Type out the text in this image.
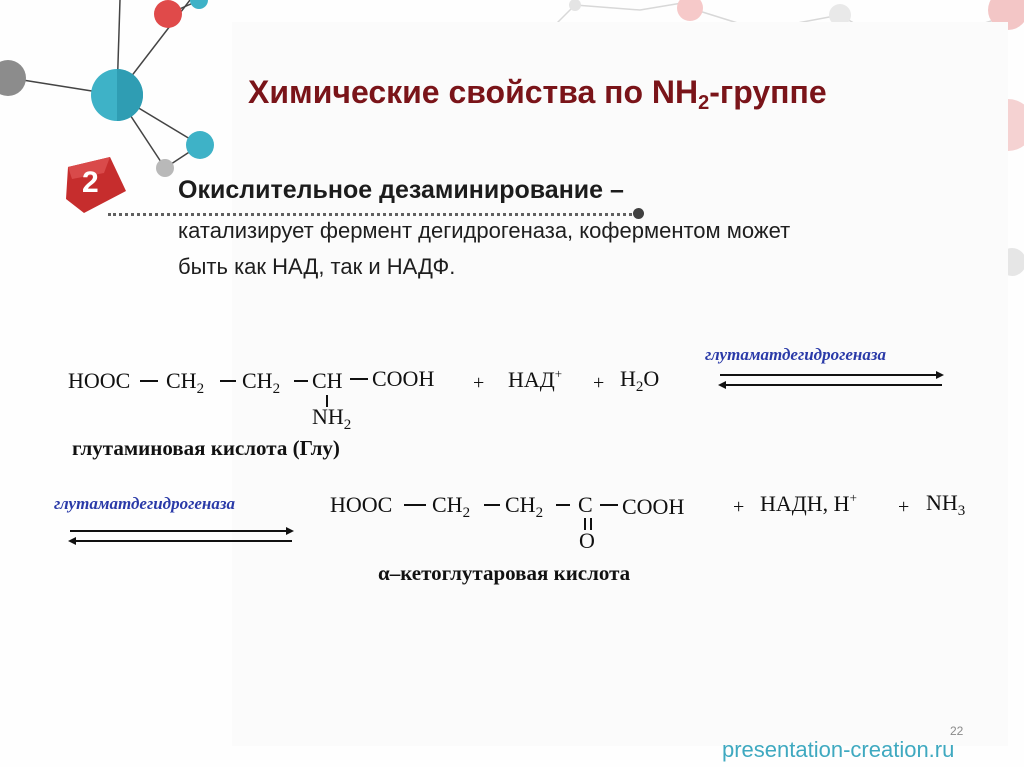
Химические свойства по $NH_2$-группе
2	Окислительное дезаминирование –
катализирует фермент дегидрогеназа, коферментом может
быть как НАД, так и НАДФ.
HOOC $CH_2$ $CH_2$ CH COOH
$NH_2$
+ $НАД^+ + H_2O$
глутаматдегидрогеназа
глутаминовая кислота (Глу)
глутаматдегидрогеназа	HOOC $CH_2$ $CH_2$ C COOH
O
+ НАДН, $H^+ + NH_3$
α–кетоглутаровая кислота
22
presentation-creation.ru
